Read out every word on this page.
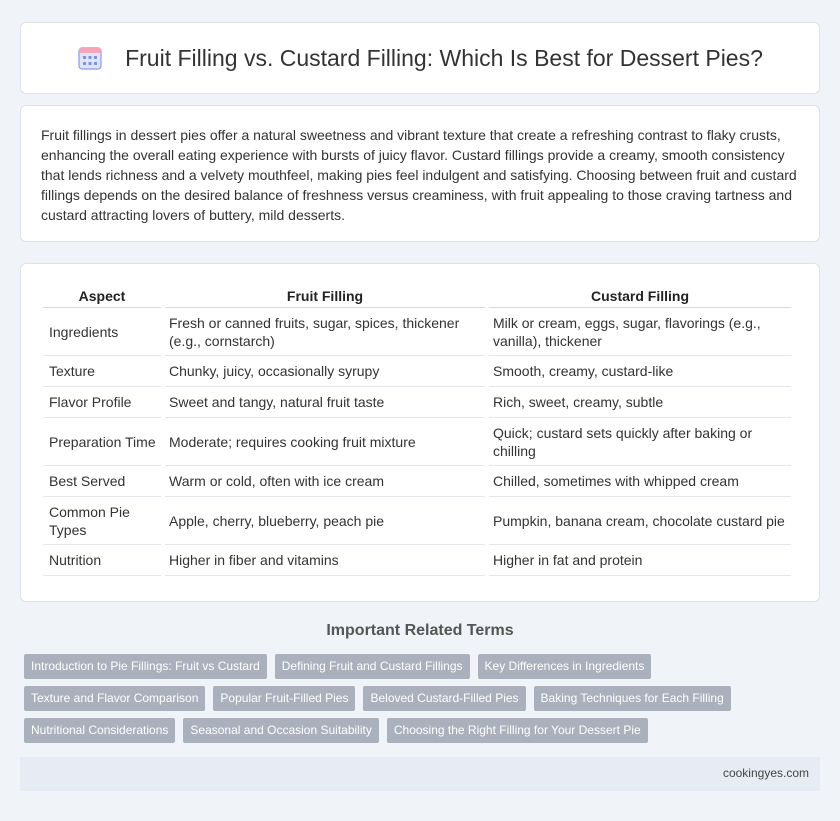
Fruit Filling vs. Custard Filling: Which Is Best for Dessert Pies?

Fruit fillings in dessert pies offer a natural sweetness and vibrant texture that create a refreshing contrast to flaky crusts, enhancing the overall eating experience with bursts of juicy flavor. Custard fillings provide a creamy, smooth consistency that lends richness and a velvety mouthfeel, making pies feel indulgent and satisfying. Choosing between fruit and custard fillings depends on the desired balance of freshness versus creaminess, with fruit appealing to those craving tartness and custard attracting lovers of buttery, mild desserts.

Aspect	Fruit Filling	Custard Filling
Ingredients	Fresh or canned fruits, sugar, spices, thickener (e.g., cornstarch)	Milk or cream, eggs, sugar, flavorings (e.g., vanilla), thickener
Texture	Chunky, juicy, occasionally syrupy	Smooth, creamy, custard-like
Flavor Profile	Sweet and tangy, natural fruit taste	Rich, sweet, creamy, subtle
Preparation Time	Moderate; requires cooking fruit mixture	Quick; custard sets quickly after baking or chilling
Best Served	Warm or cold, often with ice cream	Chilled, sometimes with whipped cream
Common Pie Types	Apple, cherry, blueberry, peach pie	Pumpkin, banana cream, chocolate custard pie
Nutrition	Higher in fiber and vitamins	Higher in fat and protein
Important Related Terms
Introduction to Pie Fillings: Fruit vs Custard	Defining Fruit and Custard Fillings	Key Differences in Ingredients
Texture and Flavor Comparison	Popular Fruit-Filled Pies	Beloved Custard-Filled Pies	Baking Techniques for Each Filling
Nutritional Considerations	Seasonal and Occasion Suitability	Choosing the Right Filling for Your Dessert Pie
cookingyes.com
